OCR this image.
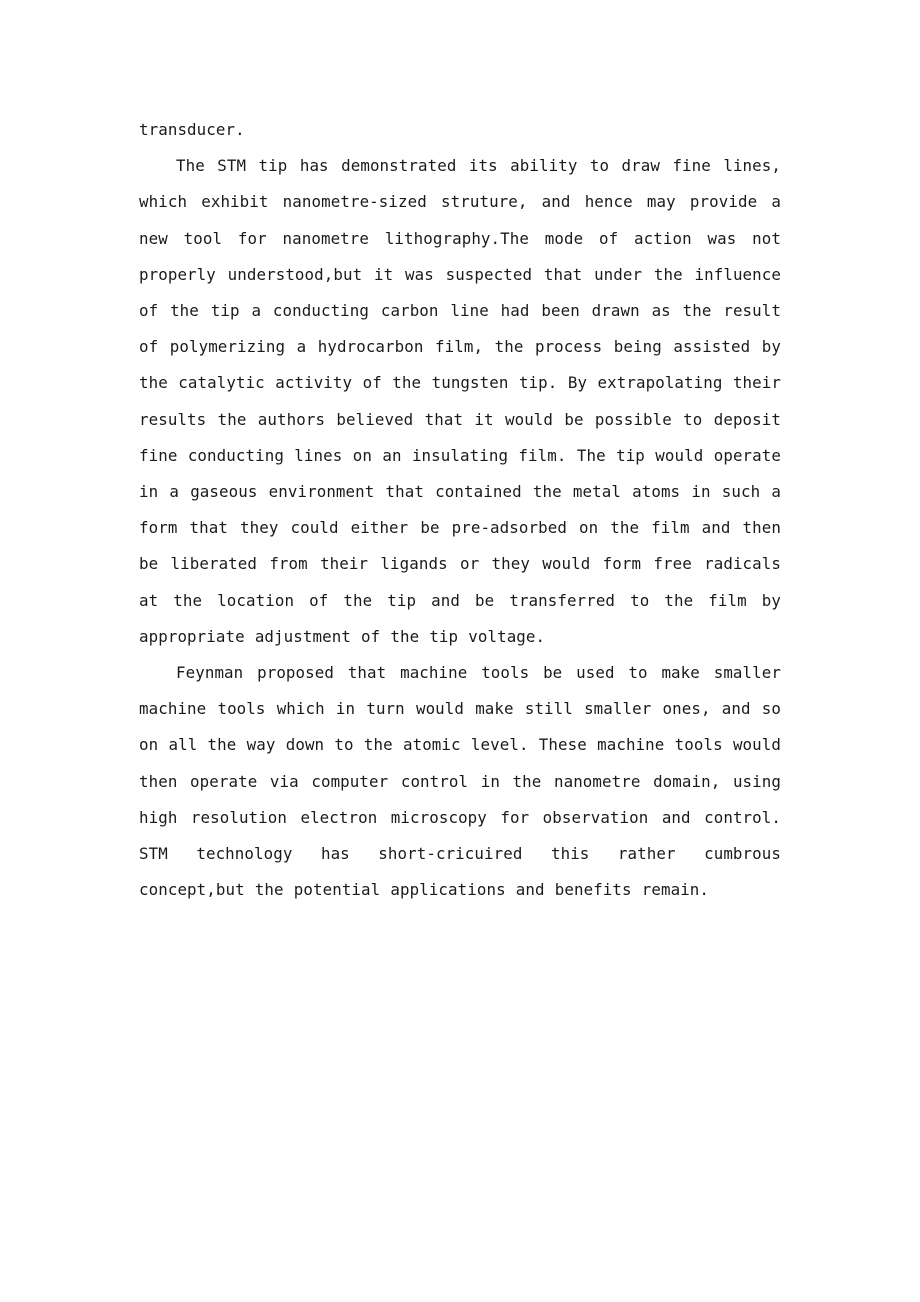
transducer.

The STM tip has demonstrated its ability to draw fine lines, which exhibit nanometre-sized struture, and hence may provide a new tool for nanometre lithography.The mode of action was not properly understood,but it was suspected that under the influence of the tip a conducting carbon line had been drawn as the result of polymerizing a hydrocarbon film, the process being assisted by the catalytic activity of the tungsten tip. By extrapolating their results the authors believed that it would be possible to deposit fine conducting lines on an insulating film. The tip would operate in a gaseous environment that contained the metal atoms in such a form that they could either be pre-adsorbed on the film and then be liberated from their ligands or they would form free radicals at the location of the tip and be transferred to the film by appropriate adjustment of the tip voltage.

Feynman proposed that machine tools be used to make smaller machine tools which in turn would make still smaller ones, and so on all the way down to the atomic level. These machine tools would then operate via computer control in the nanometre domain, using high resolution electron microscopy for observation and control. STM technology has short-cricuired this rather cumbrous concept,but the potential applications and benefits remain.
